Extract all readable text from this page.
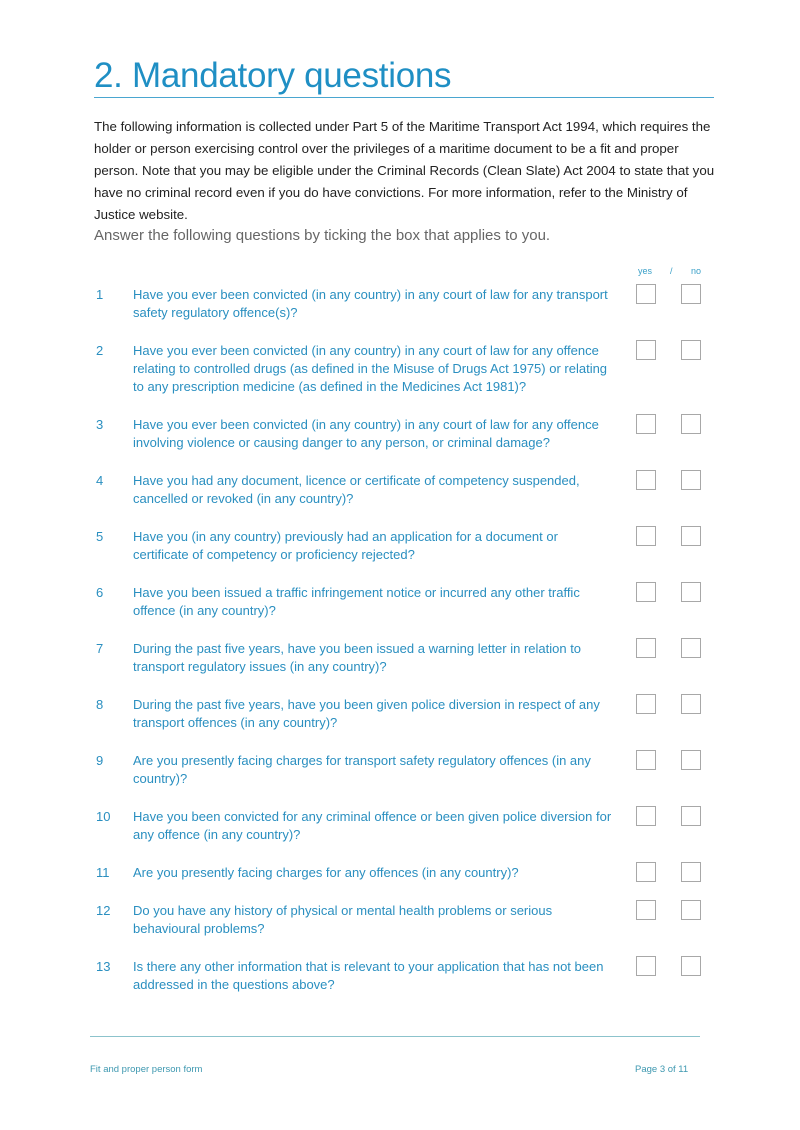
2. Mandatory questions

The following information is collected under Part 5 of the Maritime Transport Act 1994, which requires the holder or person exercising control over the privileges of a maritime document to be a fit and proper person. Note that you may be eligible under the Criminal Records (Clean Slate) Act 2004 to state that you have no criminal record even if you do have convictions. For more information, refer to the Ministry of Justice website.

Answer the following questions by ticking the box that applies to you.

yes / no
1 Have you ever been convicted (in any country) in any court of law for any transport safety regulatory offence(s)?
2 Have you ever been convicted (in any country) in any court of law for any offence relating to controlled drugs (as defined in the Misuse of Drugs Act 1975) or relating to any prescription medicine (as defined in the Medicines Act 1981)?
3 Have you ever been convicted (in any country) in any court of law for any offence involving violence or causing danger to any person, or criminal damage?
4 Have you had any document, licence or certificate of competency suspended, cancelled or revoked (in any country)?
5 Have you (in any country) previously had an application for a document or certificate of competency or proficiency rejected?
6 Have you been issued a traffic infringement notice or incurred any other traffic offence (in any country)?
7 During the past five years, have you been issued a warning letter in relation to transport regulatory issues (in any country)?
8 During the past five years, have you been given police diversion in respect of any transport offences (in any country)?
9 Are you presently facing charges for transport safety regulatory offences (in any country)?
10 Have you been convicted for any criminal offence or been given police diversion for any offence (in any country)?
11 Are you presently facing charges for any offences (in any country)?
12 Do you have any history of physical or mental health problems or serious behavioural problems?
13 Is there any other information that is relevant to your application that has not been addressed in the questions above?
Fit and proper person form	Page 3 of 11
